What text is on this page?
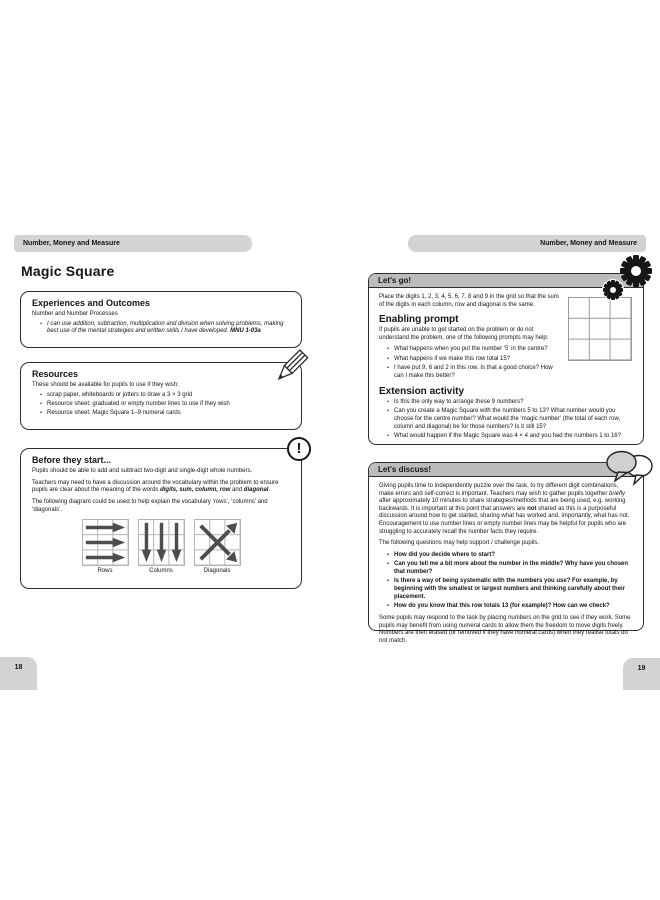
Number, Money and Measure
Magic Square
Experiences and Outcomes
Number and Number Processes
• I can use addition, subtraction, multiplication and division when solving problems, making best use of the mental strategies and written skills I have developed. MNU 1-03a
Resources
These should be available for pupils to use if they wish:
• scrap paper, whiteboards or jotters to draw a 3 × 3 grid
• Resource sheet: graduated or empty number lines to use if they wish
• Resource sheet: Magic Square 1–9 numeral cards
!
Before they start...

Pupils should be able to add and subtract two-digit and single-digit whole numbers.

Teachers may need to have a discussion around the vocabulary within the problem to ensure pupils are clear about the meaning of the words digits, sum, column, row and diagonal.

The following diagram could be used to help explain the vocabulary ‘rows’, ‘columns’ and ‘diagonals’.

Rows	Columns	Diagonals
18
Number, Money and Measure
Let's go!

Place the digits 1, 2, 3, 4, 5, 6, 7, 8 and 9 in the grid so that the sum of the digits in each column, row and diagonal is the same.

Enabling prompt

If pupils are unable to get started on the problem or do not understand the problem, one of the following prompts may help:

• What happens when you put the number ‘5’ in the centre?
• What happens if we make this row total 15?
• I have put 9, 6 and 2 in this row. Is that a good choice? How can I make this better?
Extension activity
• Is this the only way to arrange these 9 numbers?
• Can you create a Magic Square with the numbers 5 to 13? What number would you choose for the centre number? What would the ‘magic number’ (the total of each row, column and diagonal) be for those numbers? Is it still 15?
• What would happen if the Magic Square was 4 × 4 and you had the numbers 1 to 16?
Let's discuss!

Giving pupils time to independently puzzle over the task, to try different digit combinations, make errors and self-correct is important. Teachers may wish to gather pupils together briefly after approximately 10 minutes to share strategies/methods that are being used, e.g. working backwards. It is important at this point that answers are not shared as this is a purposeful discussion around how to get started, sharing what has worked and, importantly, what has not. Encouragement to use number lines or empty number lines may be helpful for pupils who are struggling to accurately recall the number facts they require.

The following questions may help support / challenge pupils.

• How did you decide where to start?
• Can you tell me a bit more about the number in the middle? Why have you chosen that number?
• Is there a way of being systematic with the numbers you use? For example, by beginning with the smallest or largest numbers and thinking carefully about their placement.
• How do you know that this row totals 13 (for example)? How can we check?

Some pupils may respond to the task by placing numbers on the grid to see if they work. Some pupils may benefit from using numeral cards to allow them the freedom to move digits freely. Numbers are then erased (or removed if they have numeral cards) when they realise totals do not match.

19
